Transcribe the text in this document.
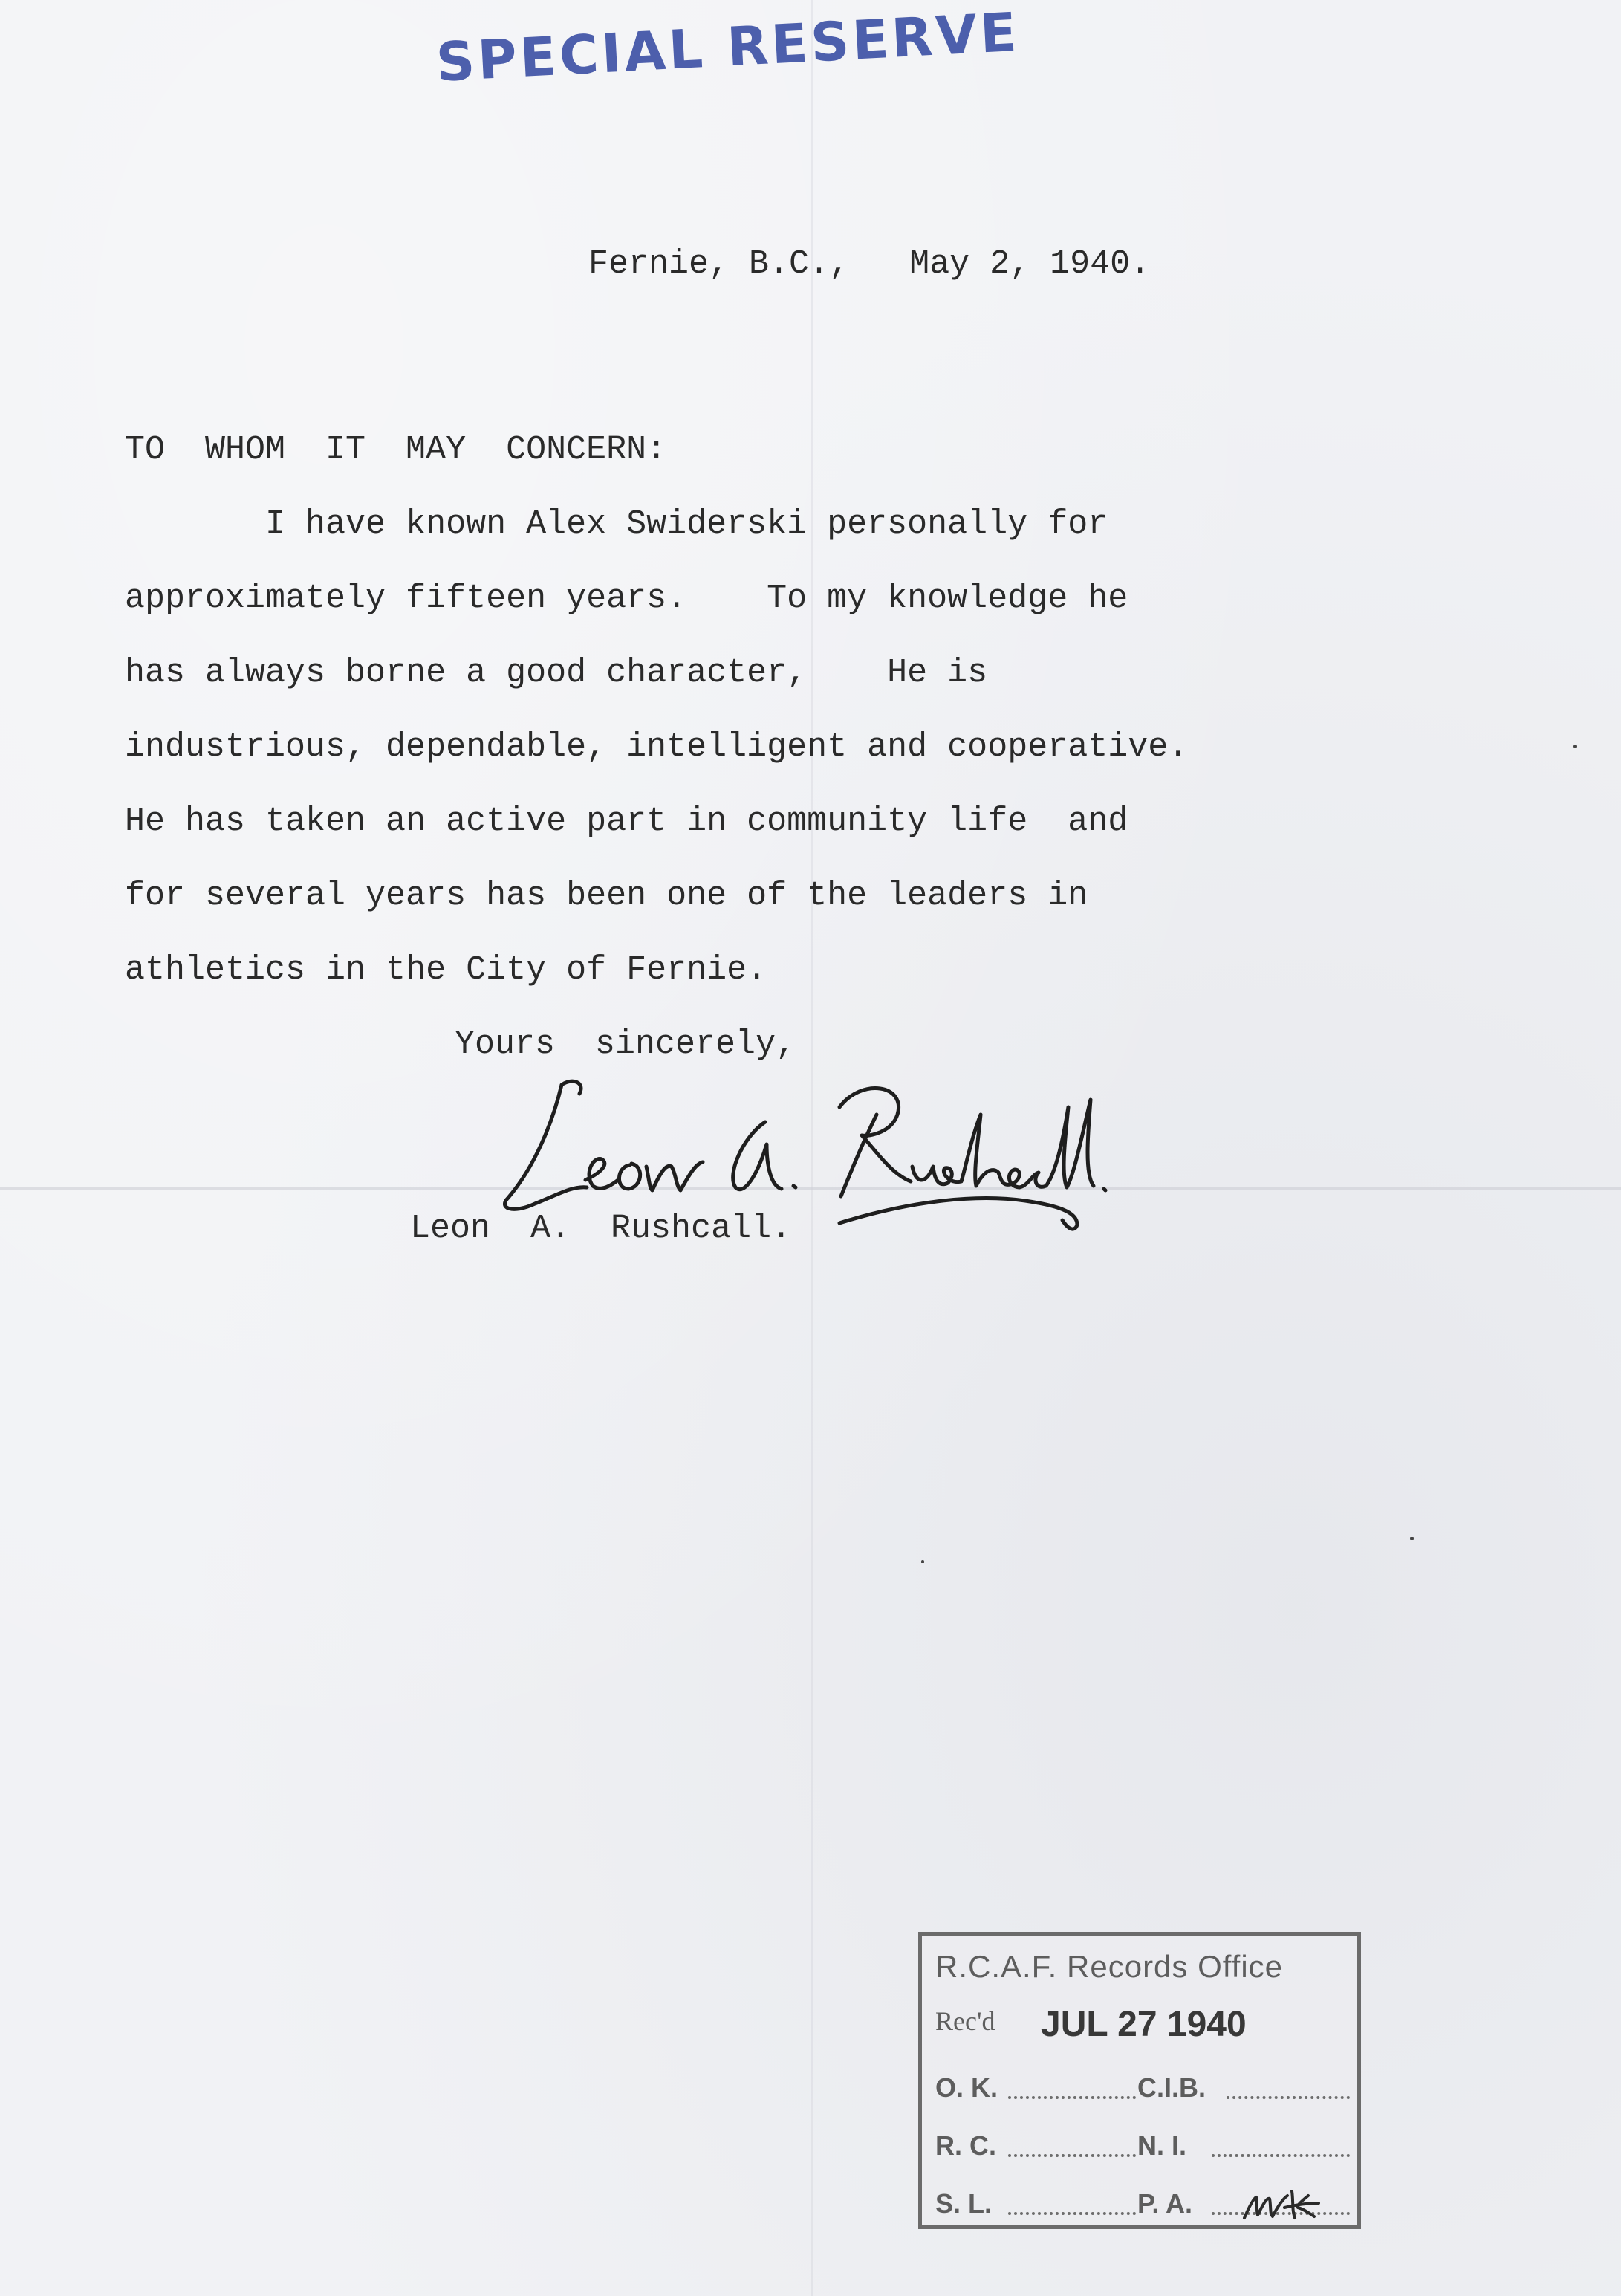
SPECIAL RESERVE
Fernie, B.C.,   May 2, 1940.
TO  WHOM  IT  MAY  CONCERN:
I have known Alex Swiderski personally for
approximately fifteen years.    To my knowledge he
has always borne a good character,    He is
industrious, dependable, intelligent and cooperative.
He has taken an active part in community life  and
for several years has been one of the leaders in
athletics in the City of Fernie.
Yours  sincerely,
Leon  A.  Rushcall.
R.C.A.F. Records Office
Rec'd JUL 27 1940
O. K.	C.I.B.
R. C.	N. I.
S. L.	P. A.
